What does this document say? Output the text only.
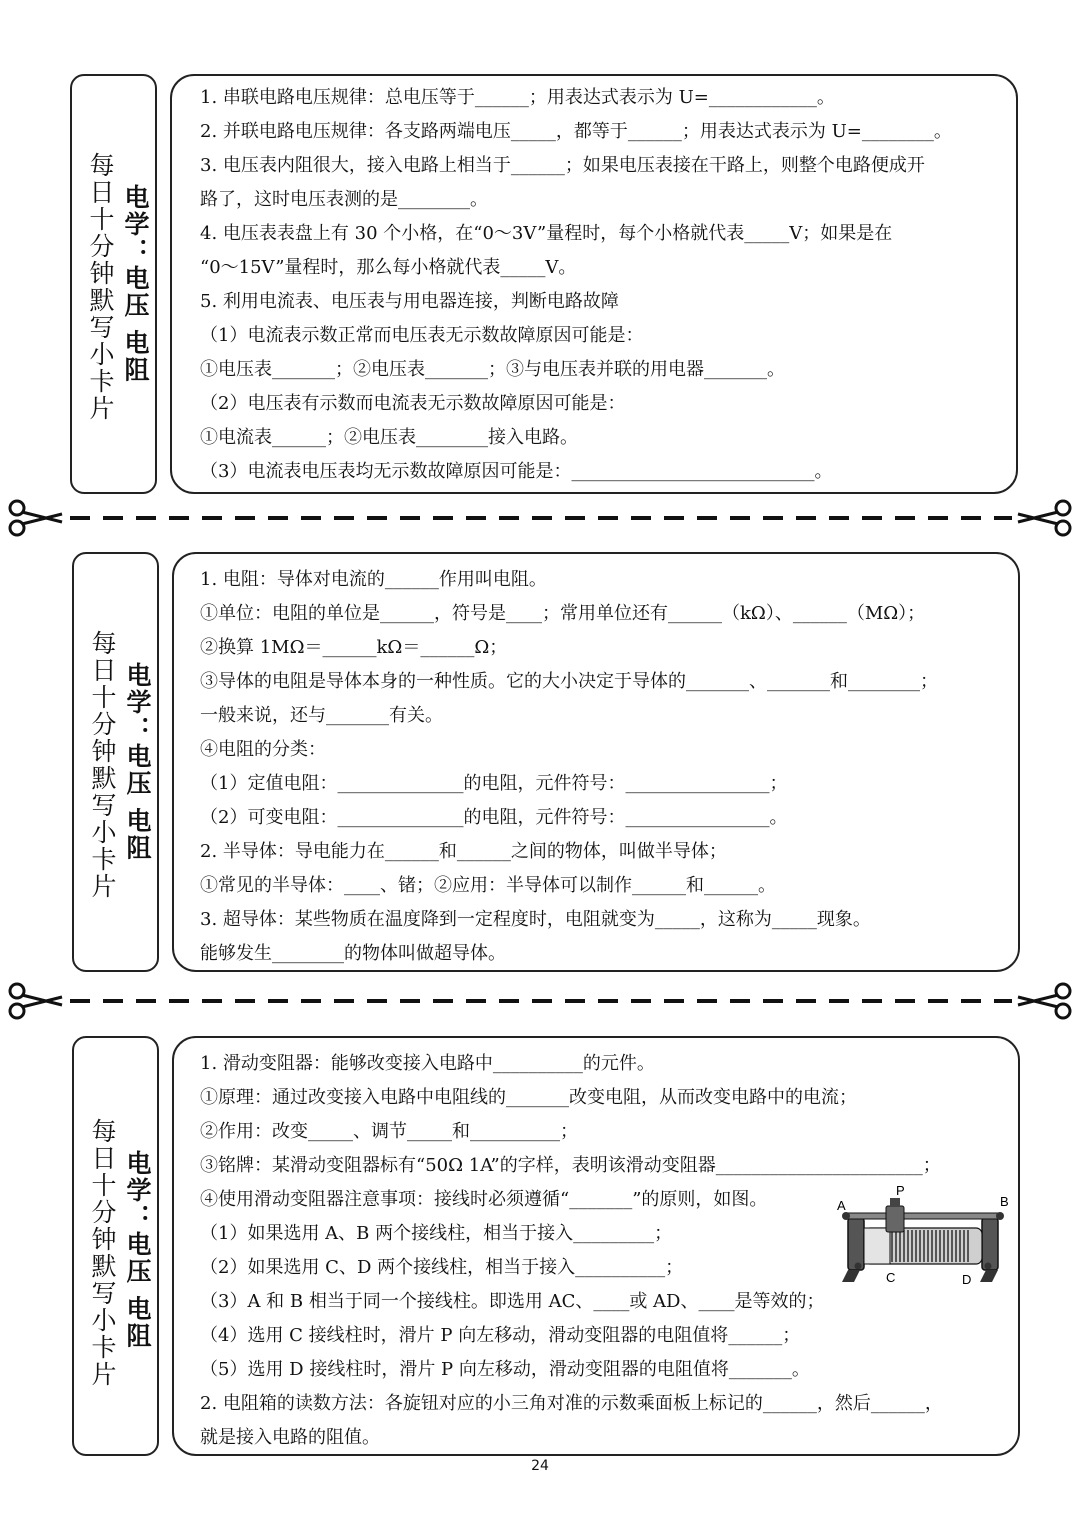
每日十分钟默写小卡片 电学：电压 电阻
1. 串联电路电压规律：总电压等于______；用表达式表示为 U=____________。
2. 并联电路电压规律：各支路两端电压_____，都等于______；用表达式表示为 U=________。
3. 电压表内阻很大，接入电路上相当于______；如果电压表接在干路上，则整个电路便成开
路了，这时电压表测的是________。
4. 电压表表盘上有 30 个小格，在“0～3V”量程时，每个小格就代表_____V；如果是在
“0～15V”量程时，那么每小格就代表_____V。
5. 利用电流表、电压表与用电器连接，判断电路故障
（1）电流表示数正常而电压表无示数故障原因可能是：
①电压表_______；②电压表_______；③与电压表并联的用电器_______。
（2）电压表有示数而电流表无示数故障原因可能是：
①电流表______；②电压表________接入电路。
（3）电流表电压表均无示数故障原因可能是：___________________________。
每日十分钟默写小卡片 电学：电压 电阻
1. 电阻：导体对电流的______作用叫电阻。
①单位：电阻的单位是______，符号是____；常用单位还有______（kΩ）、______（MΩ）；
②换算 1MΩ＝______kΩ＝______Ω；
③导体的电阻是导体本身的一种性质。它的大小决定于导体的_______、_______和________；
一般来说，还与_______有关。
④电阻的分类：
（1）定值电阻：______________的电阻，元件符号：________________；
（2）可变电阻：______________的电阻，元件符号：________________。
2. 半导体：导电能力在______和______之间的物体，叫做半导体；
①常见的半导体：____、锗；②应用：半导体可以制作______和______。
3. 超导体：某些物质在温度降到一定程度时，电阻就变为_____，这称为_____现象。
能够发生________的物体叫做超导体。
每日十分钟默写小卡片 电学：电压 电阻
1. 滑动变阻器：能够改变接入电路中__________的元件。
①原理：通过改变接入电路中电阻线的_______改变电阻，从而改变电路中的电流；
②作用：改变_____、调节_____和__________；
③铭牌：某滑动变阻器标有“50Ω 1A”的字样，表明该滑动变阻器_______________________；
④使用滑动变阻器注意事项：接线时必须遵循“_______”的原则，如图。
（1）如果选用 A、B 两个接线柱，相当于接入_________；
（2）如果选用 C、D 两个接线柱，相当于接入__________；
（3）A 和 B 相当于同一个接线柱。即选用 AC、____或 AD、____是等效的；
（4）选用 C 接线柱时，滑片 P 向左移动，滑动变阻器的电阻值将______；
（5）选用 D 接线柱时，滑片 P 向左移动，滑动变阻器的电阻值将_______。
2. 电阻箱的读数方法：各旋钮对应的小三角对准的示数乘面板上标记的______，然后______，
就是接入电路的阻值。
A	B
P
C	D
24
